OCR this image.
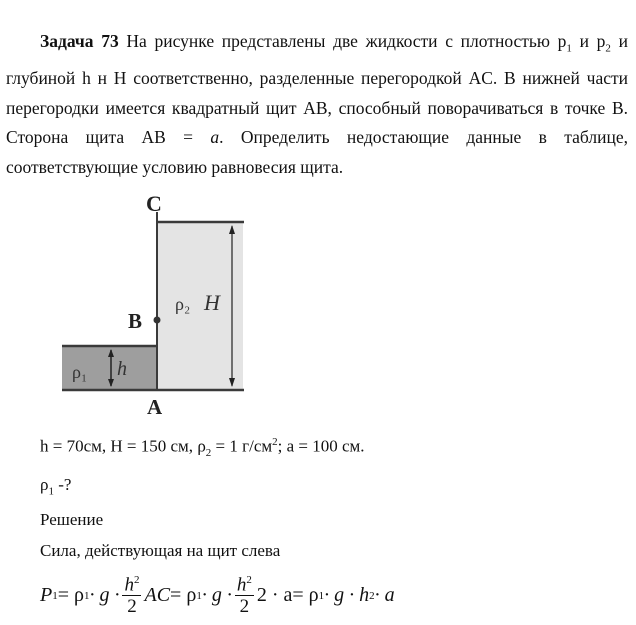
Задача 73 На рисунке представлены две жидкости с плотностью $p_1$ и $p_2$ и глубиной h н H соответственно, разделенные перегородкой AC. В нижней части перегородки имеется квадратный щит AB, способный поворачиваться в точке B. Сторона щита AB = a. Определить недостающие данные в таблице, соответствующие условию равновесия щита.
C
B
A
ρ₁ h
ρ₂ H
h = 70см, H = 150 см, $\rho_2 = 1$ $г/см^2$; a = 100 см.
$\rho_1$ -?
Решение
Сила, действующая на щит слева
P 1 = ρ $1 \cdot g \cdot \frac{h^2}{2}$ AC = ρ $1 \cdot g \cdot \frac{h^2}{2} 2 \cdot a = \rho$ 1 · g · h 2 · a
